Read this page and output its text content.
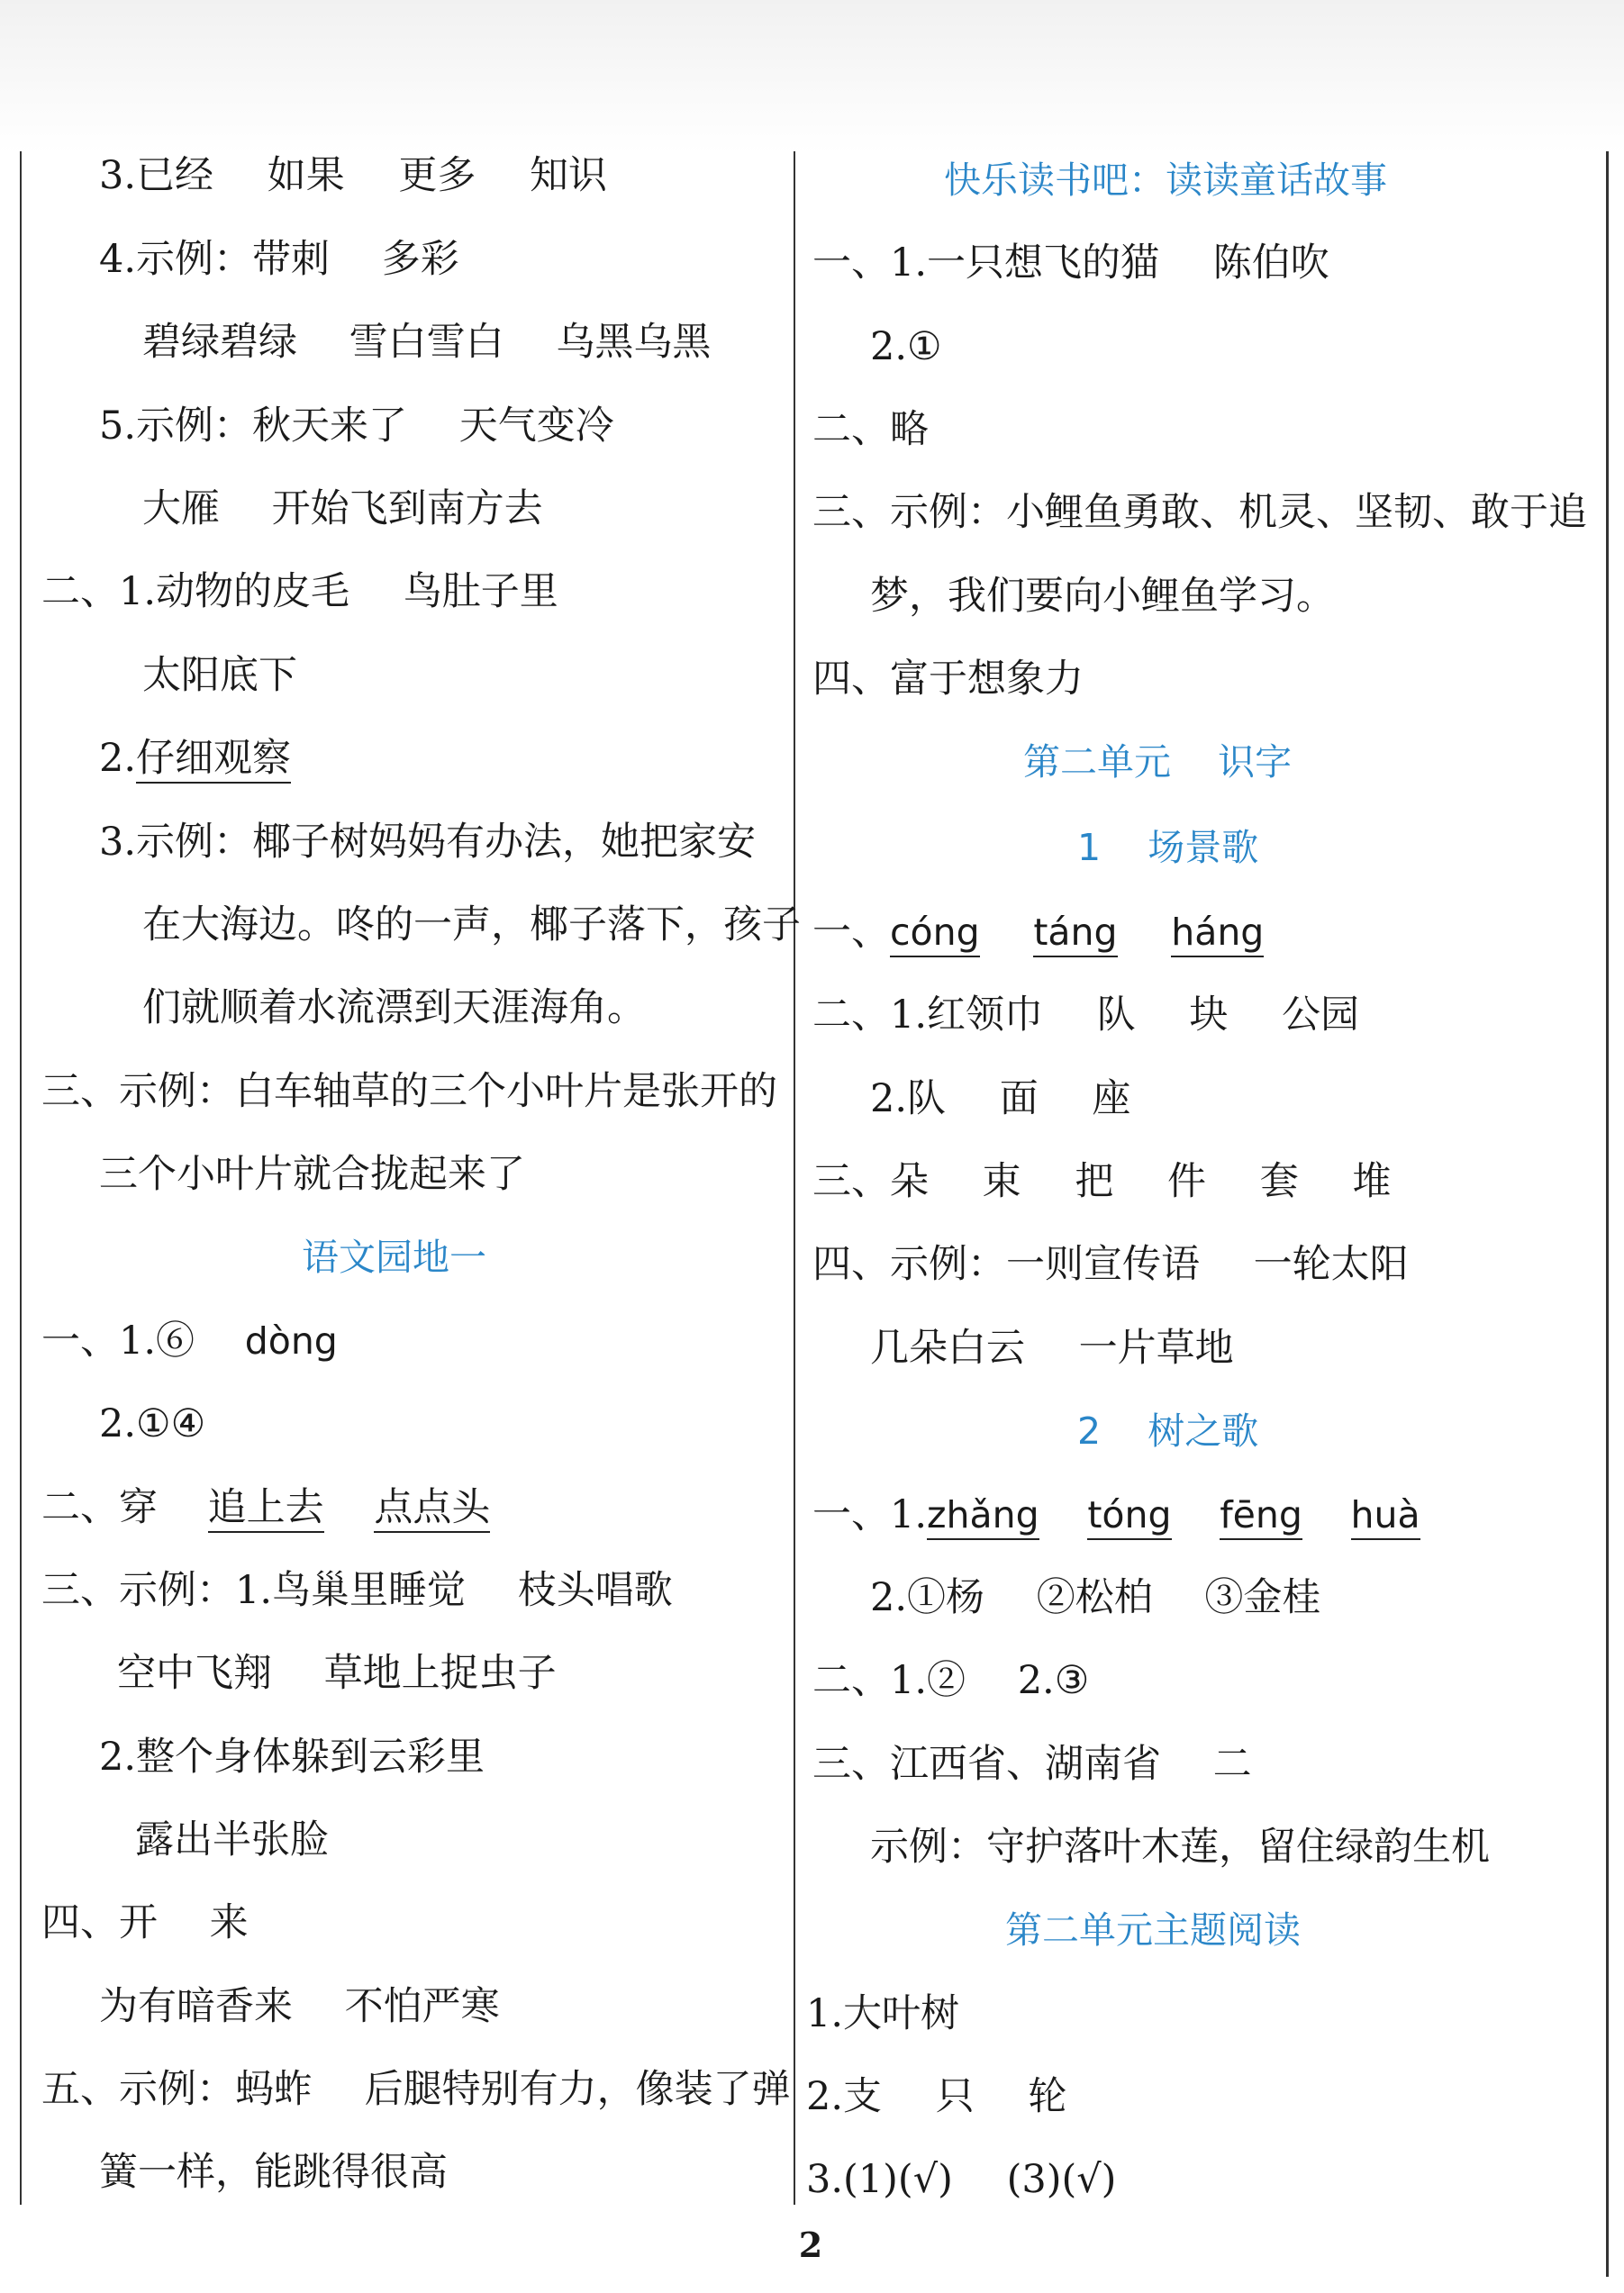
3.已经 如果 更多 知识
4.示例：带刺 多彩
碧绿碧绿 雪白雪白 乌黑乌黑
5.示例：秋天来了 天气变冷
大雁 开始飞到南方去
二、1.动物的皮毛 鸟肚子里
太阳底下
2.仔细观察
3.示例：椰子树妈妈有办法，她把家安
在大海边。咚的一声，椰子落下，孩子
们就顺着水流漂到天涯海角。
三、示例：白车轴草的三个小叶片是张开的
三个小叶片就合拢起来了
语文园地一
一、1.⑥ dòng
2.①④
二、穿 追上去 点点头
三、示例：1.鸟巢里睡觉 枝头唱歌
空中飞翔 草地上捉虫子
2.整个身体躲到云彩里
露出半张脸
四、开 来
为有暗香来 不怕严寒
五、示例：蚂蚱 后腿特别有力，像装了弹
簧一样，能跳得很高
快乐读书吧：读读童话故事
一、1.一只想飞的猫 陈伯吹
2.①
二、略
三、示例：小鲤鱼勇敢、机灵、坚韧、敢于追
梦，我们要向小鲤鱼学习。
四、富于想象力
第二单元    识字
1    场景歌
一、cóng táng háng
二、1.红领巾 队 块 公园
2.队 面 座
三、朵 束 把 件 套 堆
四、示例：一则宣传语 一轮太阳
几朵白云 一片草地
2    树之歌
一、1.zhǎng tóng fēng huà
2.①杨 ②松柏 ③金桂
二、1.② 2.③
三、江西省、湖南省 二
示例：守护落叶木莲，留住绿韵生机
第二单元主题阅读
1.大叶树
2.支 只 轮
3.(1)(√) (3)(√)
2
